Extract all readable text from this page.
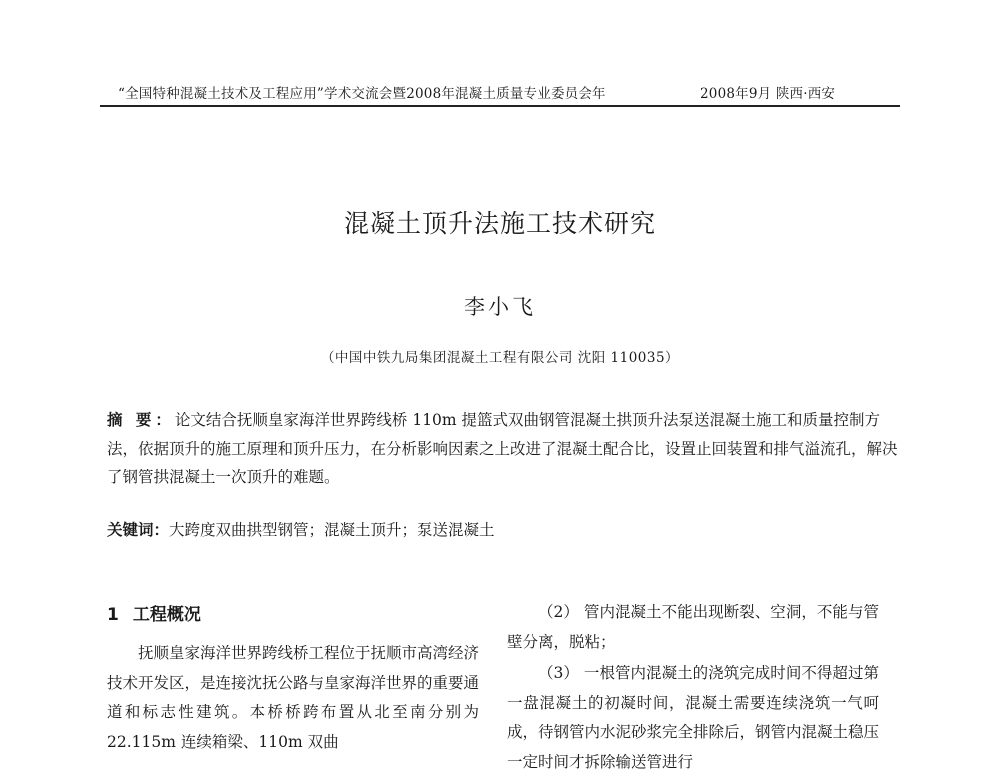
“全国特种混凝土技术及工程应用”学术交流会暨2008年混凝土质量专业委员会年	2008年9月 陕西·西安
混凝土顶升法施工技术研究
李小飞
（中国中铁九局集团混凝土工程有限公司 沈阳 110035）
摘 要：论文结合抚顺皇家海洋世界跨线桥 110m 提篮式双曲钢管混凝土拱顶升法泵送混凝土施工和质量控制方法，依据顶升的施工原理和顶升压力，在分析影响因素之上改进了混凝土配合比，设置止回装置和排气溢流孔，解决了钢管拱混凝土一次顶升的难题。
关键词：大跨度双曲拱型钢管；混凝土顶升；泵送混凝土
1 工程概况

抚顺皇家海洋世界跨线桥工程位于抚顺市高湾经济技术开发区，是连接沈抚公路与皇家海洋世界的重要通道和标志性建筑。本桥桥跨布置从北至南分别为 22.115m 连续箱梁、110m 双曲

（2） 管内混凝土不能出现断裂、空洞，不能与管壁分离，脱粘；

（3） 一根管内混凝土的浇筑完成时间不得超过第一盘混凝土的初凝时间，混凝土需要连续浇筑一气呵成，待钢管内水泥砂浆完全排除后，钢管内混凝土稳压一定时间才拆除输送管进行
